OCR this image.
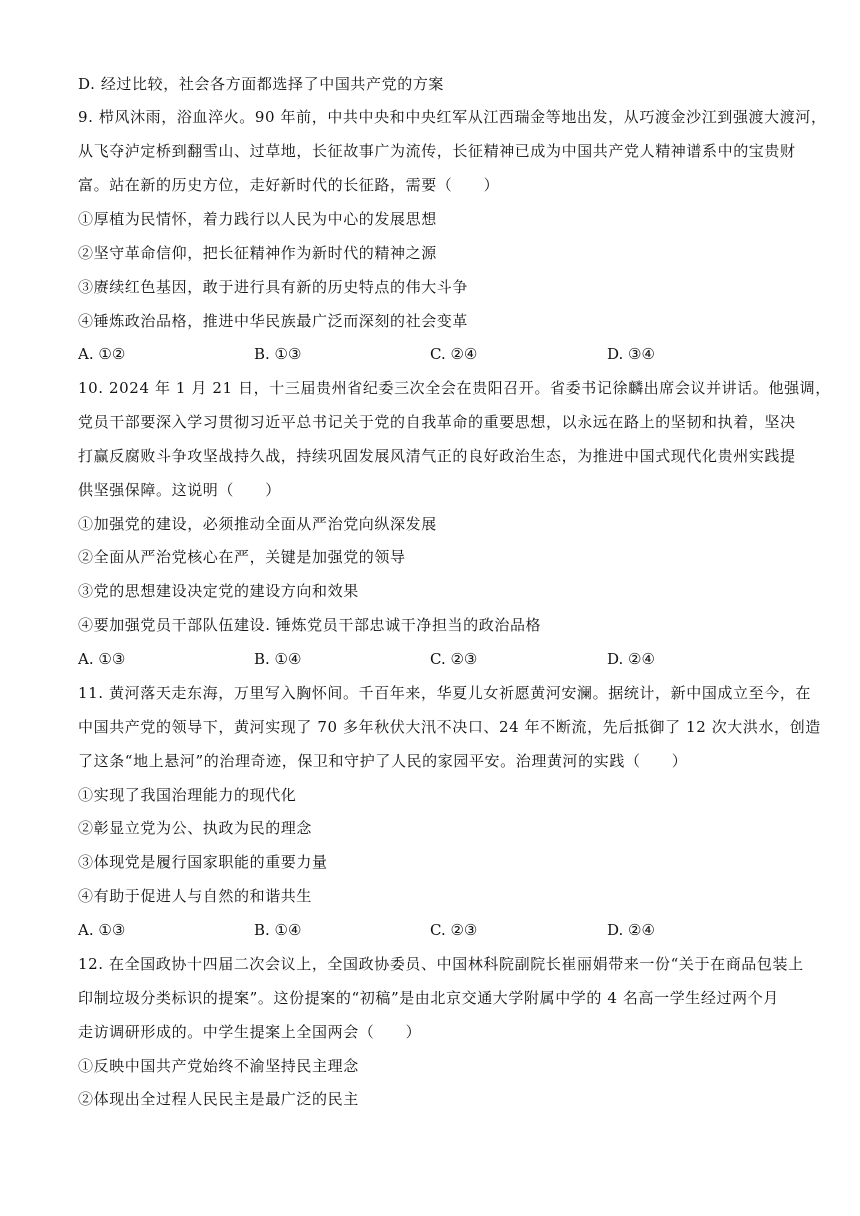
D. 经过比较，社会各方面都选择了中国共产党的方案
9. 栉风沐雨，浴血淬火。90 年前，中共中央和中央红军从江西瑞金等地出发，从巧渡金沙江到强渡大渡河，
从飞夺泸定桥到翻雪山、过草地，长征故事广为流传，长征精神已成为中国共产党人精神谱系中的宝贵财
富。站在新的历史方位，走好新时代的长征路，需要（　　）
①厚植为民情怀，着力践行以人民为中心的发展思想
②坚守革命信仰，把长征精神作为新时代的精神之源
③赓续红色基因，敢于进行具有新的历史特点的伟大斗争
④锤炼政治品格，推进中华民族最广泛而深刻的社会变革
A. ①②	B. ①③	C. ②④	D. ③④
10. 2024 年 1 月 21 日，十三届贵州省纪委三次全会在贵阳召开。省委书记徐麟出席会议并讲话。他强调，
党员干部要深入学习贯彻习近平总书记关于党的自我革命的重要思想，以永远在路上的坚韧和执着，坚决
打赢反腐败斗争攻坚战持久战，持续巩固发展风清气正的良好政治生态，为推进中国式现代化贵州实践提
供坚强保障。这说明（　　）
①加强党的建设，必须推动全面从严治党向纵深发展
②全面从严治党核心在严，关键是加强党的领导
③党的思想建设决定党的建设方向和效果
④要加强党员干部队伍建设. 锤炼党员干部忠诚干净担当的政治品格
A. ①③	B. ①④	C. ②③	D. ②④
11. 黄河落天走东海，万里写入胸怀间。千百年来，华夏儿女祈愿黄河安澜。据统计，新中国成立至今，在
中国共产党的领导下，黄河实现了 70 多年秋伏大汛不决口、24 年不断流，先后抵御了 12 次大洪水，创造
了这条“地上悬河”的治理奇迹，保卫和守护了人民的家园平安。治理黄河的实践（　　）
①实现了我国治理能力的现代化
②彰显立党为公、执政为民的理念
③体现党是履行国家职能的重要力量
④有助于促进人与自然的和谐共生
A. ①③	B. ①④	C. ②③	D. ②④
12. 在全国政协十四届二次会议上，全国政协委员、中国林科院副院长崔丽娟带来一份“关于在商品包装上
印制垃圾分类标识的提案”。这份提案的“初稿”是由北京交通大学附属中学的 4 名高一学生经过两个月
走访调研形成的。中学生提案上全国两会（　　）
①反映中国共产党始终不渝坚持民主理念
②体现出全过程人民民主是最广泛的民主
